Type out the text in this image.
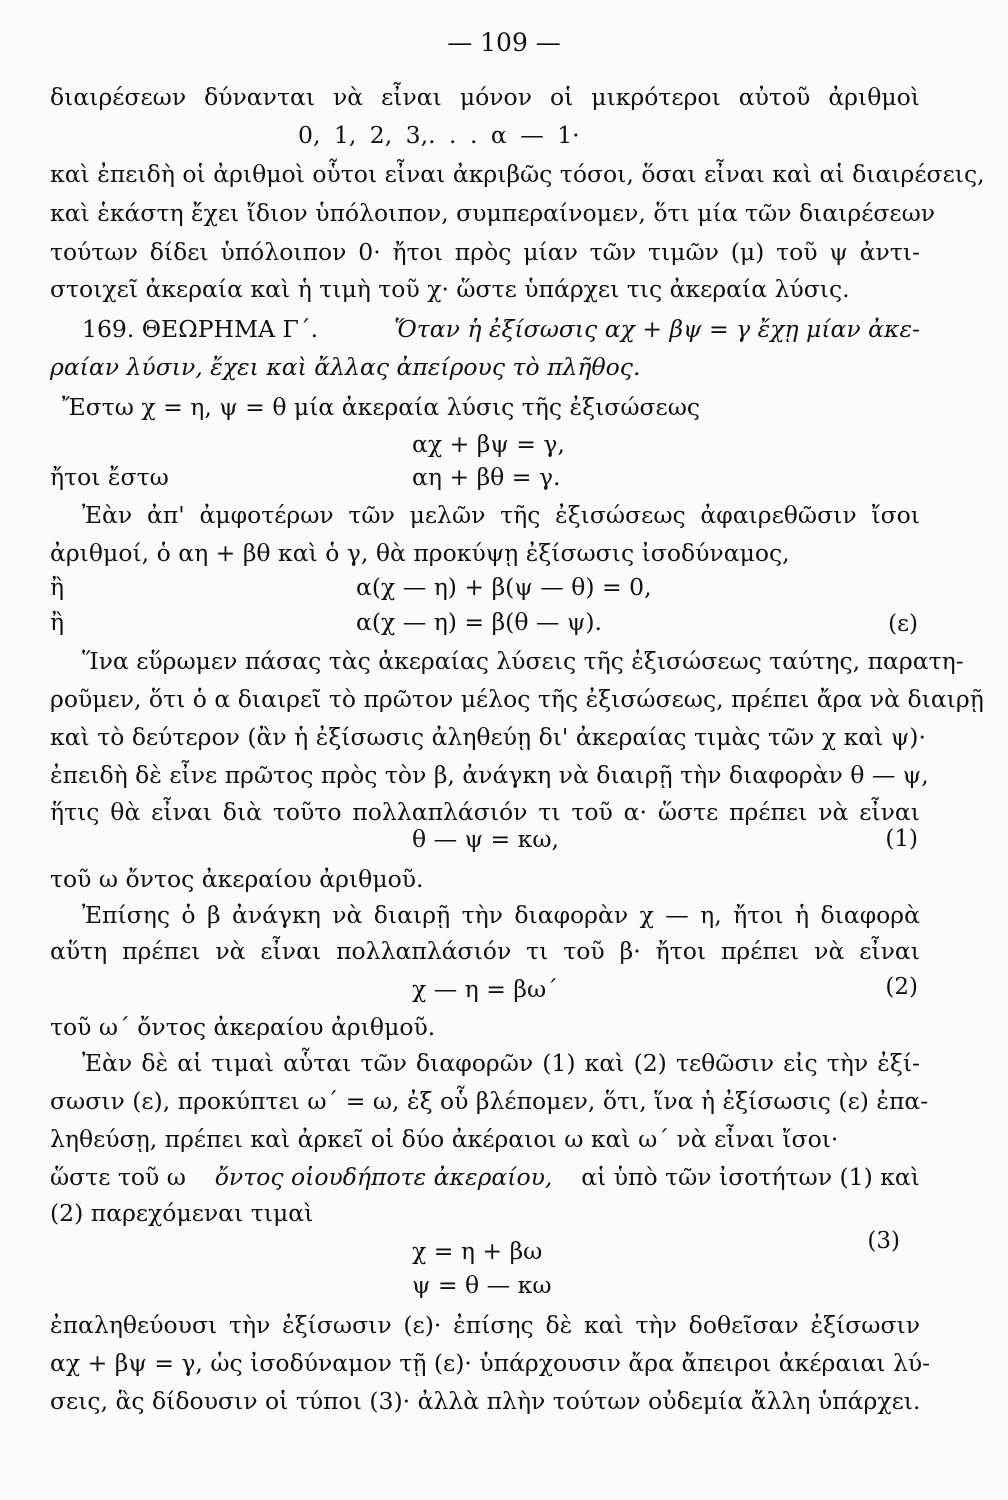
— 109 —
διαιρέσεων δύνανται νὰ εἶναι μόνον οἱ μικρότεροι αὐτοῦ ἀριθμοὶ
0, 1, 2, 3,. . . α — 1·
καὶ ἐπειδὴ οἱ ἀριθμοὶ οὗτοι εἶναι ἀκριβῶς τόσοι, ὅσαι εἶναι καὶ αἱ διαιρέσεις,
καὶ ἑκάστη ἔχει ἴδιον ὑπόλοιπον, συμπεραίνομεν, ὅτι μία τῶν διαιρέσεων
τούτων δίδει ὑπόλοιπον 0· ἤτοι πρὸς μίαν τῶν τιμῶν (μ) τοῦ ψ ἀντι-
στοιχεῖ ἀκεραία καὶ ἡ τιμὴ τοῦ χ· ὥστε ὑπάρχει τις ἀκεραία λύσις.
169. ΘΕΩΡΗΜΑ Γ΄.	Ὅταν ἡ ἐξίσωσις αχ + βψ = γ ἔχῃ μίαν ἀκε-
ραίαν λύσιν, ἔχει καὶ ἄλλας ἀπείρους τὸ πλῆθος.
Ἔστω χ = η, ψ = θ μία ἀκεραία λύσις τῆς ἐξισώσεως
αχ + βψ = γ,
ἤτοι ἔστω	αη + βθ = γ.
Ἐὰν ἀπ' ἀμφοτέρων τῶν μελῶν τῆς ἐξισώσεως ἀφαιρεθῶσιν ἴσοι
ἀριθμοί, ὁ αη + βθ καὶ ὁ γ, θὰ προκύψῃ ἐξίσωσις ἰσοδύναμος,
ἢ	α(χ — η) + β(ψ — θ) = 0,
ἢ	α(χ — η) = β(θ — ψ).	(ε)
Ἵνα εὕρωμεν πάσας τὰς ἀκεραίας λύσεις τῆς ἐξισώσεως ταύτης, παρατη-
ροῦμεν, ὅτι ὁ α διαιρεῖ τὸ πρῶτον μέλος τῆς ἐξισώσεως, πρέπει ἄρα νὰ διαιρῇ
καὶ τὸ δεύτερον (ἂν ἡ ἐξίσωσις ἀληθεύῃ δι' ἀκεραίας τιμὰς τῶν χ καὶ ψ)·
ἐπειδὴ δὲ εἶνε πρῶτος πρὸς τὸν β, ἀνάγκη νὰ διαιρῇ τὴν διαφορὰν θ — ψ,
ἥτις θὰ εἶναι διὰ τοῦτο πολλαπλάσιόν τι τοῦ α· ὥστε πρέπει νὰ εἶναι
θ — ψ = κω,	(1)
τοῦ ω ὄντος ἀκεραίου ἀριθμοῦ.
Ἐπίσης ὁ β ἀνάγκη νὰ διαιρῇ τὴν διαφορὰν χ — η, ἤτοι ἡ διαφορὰ
αὕτη πρέπει νὰ εἶναι πολλαπλάσιόν τι τοῦ β· ἤτοι πρέπει νὰ εἶναι
χ — η = βω΄	(2)
τοῦ ω΄ ὄντος ἀκεραίου ἀριθμοῦ.
Ἐὰν δὲ αἱ τιμαὶ αὗται τῶν διαφορῶν (1) καὶ (2) τεθῶσιν εἰς τὴν ἐξί-
σωσιν (ε), προκύπτει ω΄ = ω, ἐξ οὗ βλέπομεν, ὅτι, ἵνα ἡ ἐξίσωσις (ε) ἐπα-
ληθεύσῃ, πρέπει καὶ ἀρκεῖ οἱ δύο ἀκέραιοι ω καὶ ω΄ νὰ εἶναι ἴσοι·
ὥστε τοῦ ω ὄντος οἱουδήποτε ἀκεραίου, αἱ ὑπὸ τῶν ἰσοτήτων (1) καὶ
(2) παρεχόμεναι τιμαὶ
χ = η + βω	(3)
ψ = θ — κω
ἐπαληθεύουσι τὴν ἐξίσωσιν (ε)· ἐπίσης δὲ καὶ τὴν δοθεῖσαν ἐξίσωσιν
αχ + βψ = γ, ὡς ἰσοδύναμον τῇ (ε)· ὑπάρχουσιν ἄρα ἄπειροι ἀκέραιαι λύ-
σεις, ἃς δίδουσιν οἱ τύποι (3)· ἀλλὰ πλὴν τούτων οὐδεμία ἄλλη ὑπάρχει.
